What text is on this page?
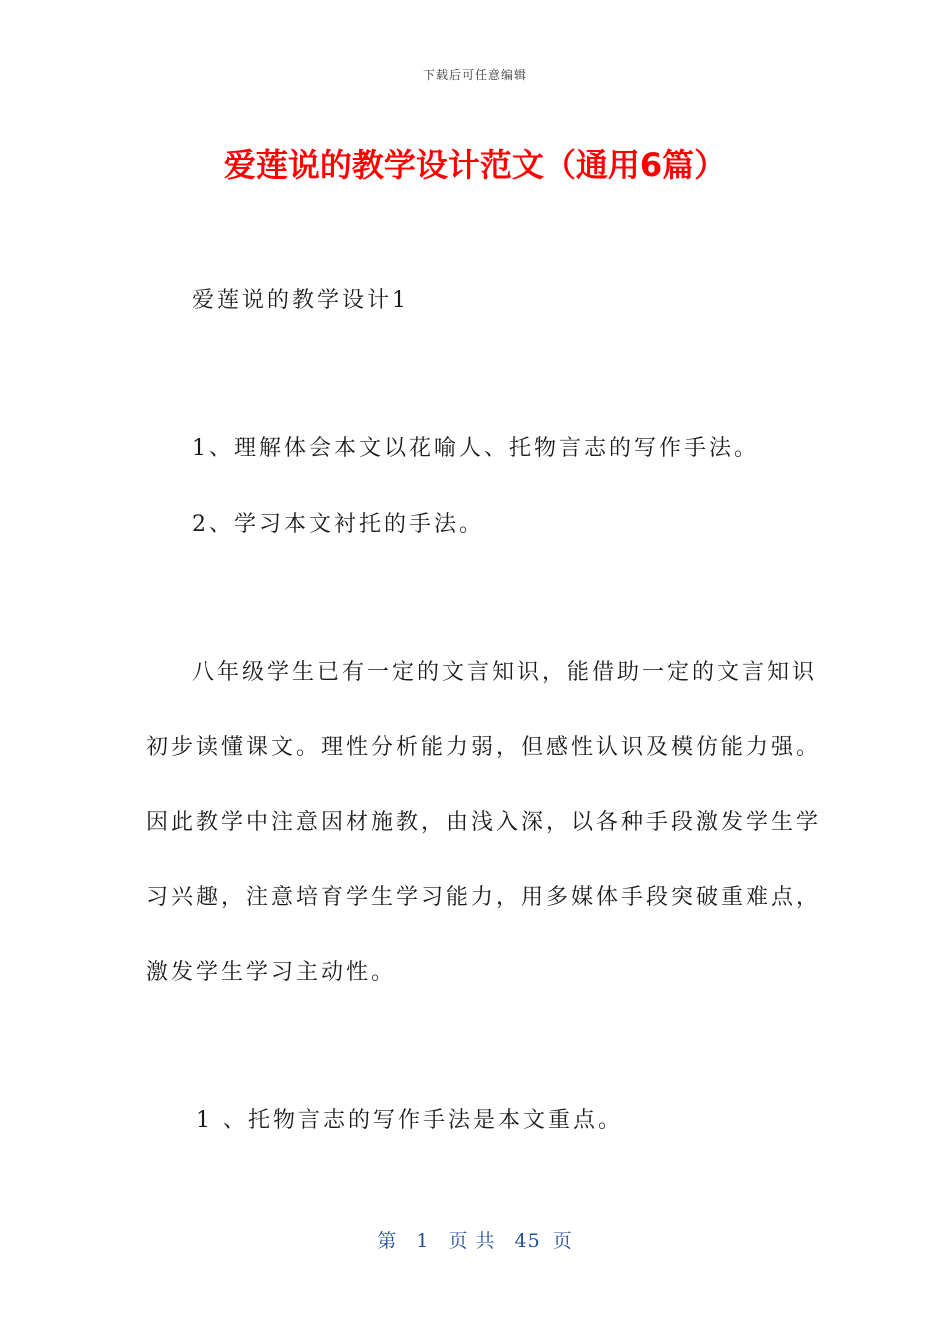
下载后可任意编辑
爱莲说的教学设计范文（通用6篇）

爱莲说的教学设计1

1、理解体会本文以花喻人、托物言志的写作手法。

2、学习本文衬托的手法。

八年级学生已有一定的文言知识，能借助一定的文言知识

初步读懂课文。理性分析能力弱，但感性认识及模仿能力强。

因此教学中注意因材施教，由浅入深，以各种手段激发学生学

习兴趣，注意培育学生学习能力，用多媒体手段突破重难点，

激发学生学习主动性。

1 、托物言志的写作手法是本文重点。

第 1 页 共 45 页
